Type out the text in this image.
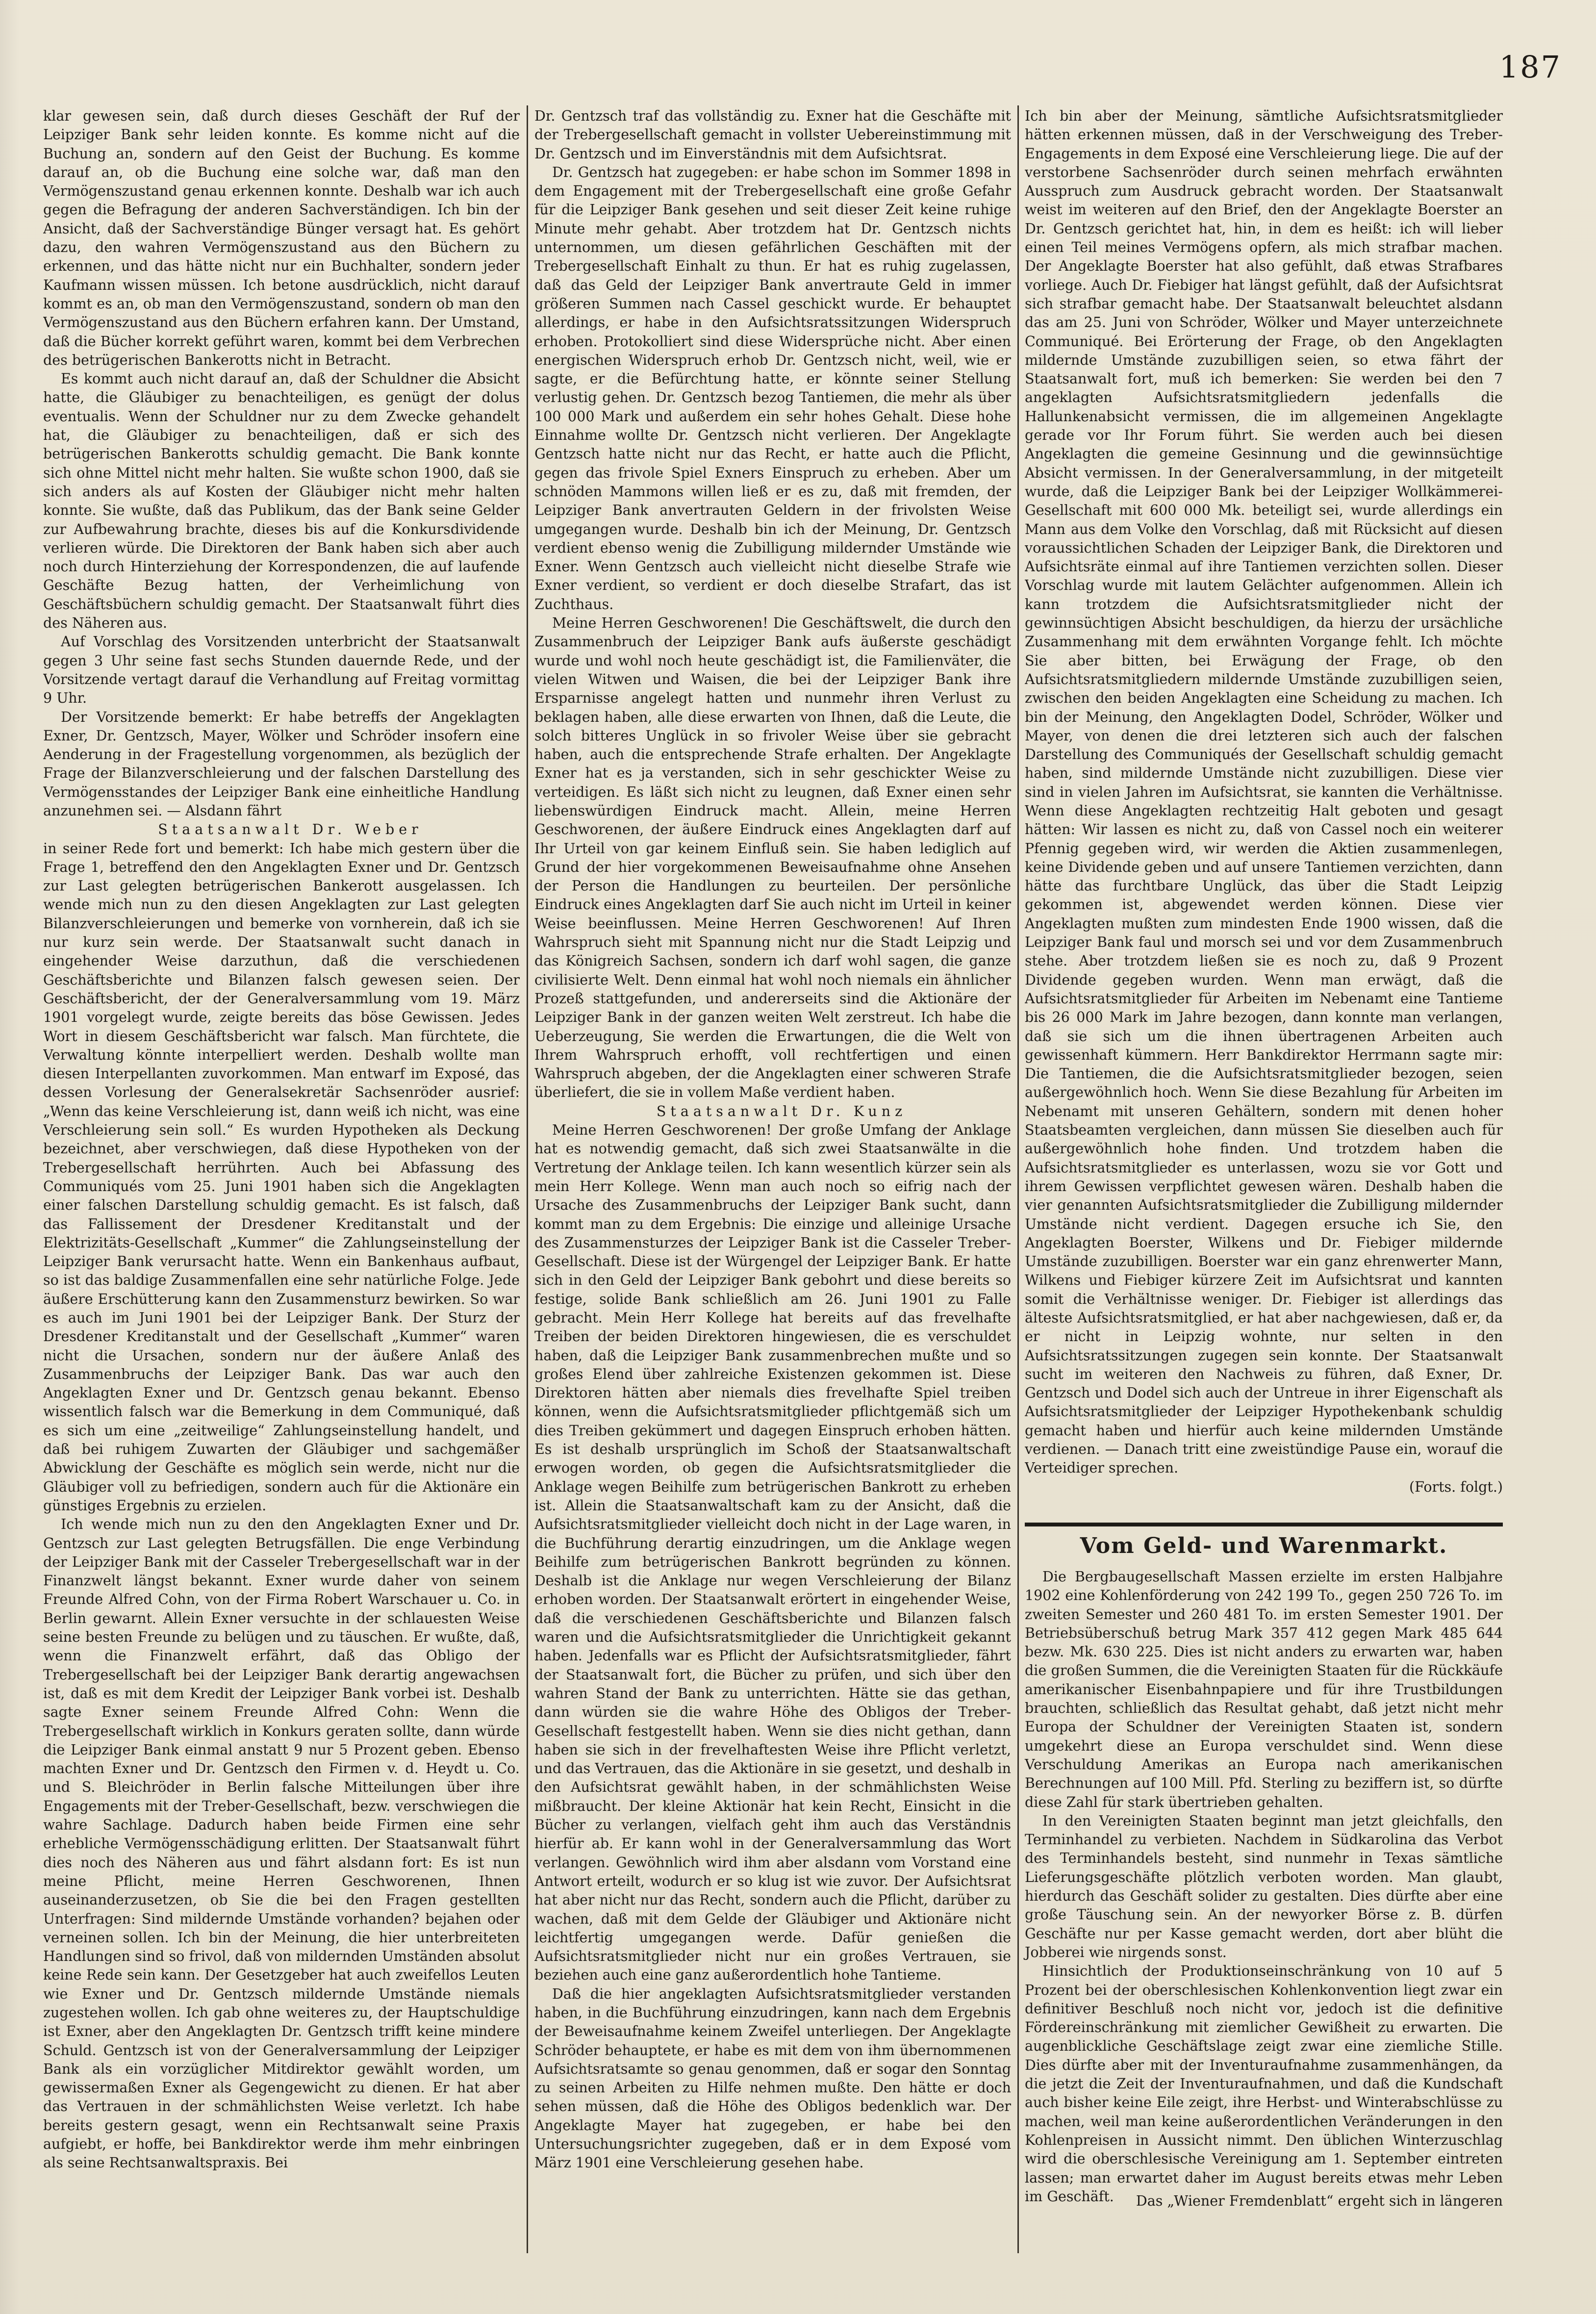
187

klar gewesen sein, daß durch dieses Geschäft der Ruf der Leipziger Bank sehr leiden konnte. Es komme nicht auf die Buchung an, sondern auf den Geist der Buchung. Es komme darauf an, ob die Buchung eine solche war, daß man den Vermögenszustand genau erkennen konnte. Deshalb war ich auch gegen die Befragung der anderen Sachverständigen. Ich bin der Ansicht, daß der Sachverständige Bünger versagt hat. Es gehört dazu, den wahren Vermögenszustand aus den Büchern zu erkennen, und das hätte nicht nur ein Buchhalter, sondern jeder Kaufmann wissen müssen. Ich betone ausdrücklich, nicht darauf kommt es an, ob man den Vermögenszustand, sondern ob man den Vermögenszustand aus den Büchern erfahren kann. Der Umstand, daß die Bücher korrekt geführt waren, kommt bei dem Verbrechen des betrügerischen Bankerotts nicht in Betracht.

Es kommt auch nicht darauf an, daß der Schuldner die Absicht hatte, die Gläubiger zu benachteiligen, es genügt der dolus eventualis. Wenn der Schuldner nur zu dem Zwecke gehandelt hat, die Gläubiger zu benachteiligen, daß er sich des betrügerischen Bankerotts schuldig gemacht. Die Bank konnte sich ohne Mittel nicht mehr halten. Sie wußte schon 1900, daß sie sich anders als auf Kosten der Gläubiger nicht mehr halten konnte. Sie wußte, daß das Publikum, das der Bank seine Gelder zur Aufbewahrung brachte, dieses bis auf die Konkursdividende verlieren würde. Die Direktoren der Bank haben sich aber auch noch durch Hinterziehung der Korrespondenzen, die auf laufende Geschäfte Bezug hatten, der Verheimlichung von Geschäftsbüchern schuldig gemacht. Der Staatsanwalt führt dies des Näheren aus.

Auf Vorschlag des Vorsitzenden unterbricht der Staatsanwalt gegen 3 Uhr seine fast sechs Stunden dauernde Rede, und der Vorsitzende vertagt darauf die Verhandlung auf Freitag vormittag 9 Uhr.

Der Vorsitzende bemerkt: Er habe betreffs der Angeklagten Exner, Dr. Gentzsch, Mayer, Wölker und Schröder insofern eine Aenderung in der Fragestellung vorgenommen, als bezüglich der Frage der Bilanzverschleierung und der falschen Darstellung des Vermögensstandes der Leipziger Bank eine einheitliche Handlung anzunehmen sei. — Alsdann fährt

Staatsanwalt Dr. Weber

in seiner Rede fort und bemerkt: Ich habe mich gestern über die Frage 1, betreffend den den Angeklagten Exner und Dr. Gentzsch zur Last gelegten betrügerischen Bankerott ausgelassen. Ich wende mich nun zu den diesen Angeklagten zur Last gelegten Bilanzverschleierungen und bemerke von vornherein, daß ich sie nur kurz sein werde. Der Staatsanwalt sucht danach in eingehender Weise darzuthun, daß die verschiedenen Geschäftsberichte und Bilanzen falsch gewesen seien. Der Geschäftsbericht, der der Generalversammlung vom 19. März 1901 vorgelegt wurde, zeigte bereits das böse Gewissen. Jedes Wort in diesem Geschäftsbericht war falsch. Man fürchtete, die Verwaltung könnte interpelliert werden. Deshalb wollte man diesen Interpellanten zuvorkommen. Man entwarf im Exposé, das dessen Vorlesung der Generalsekretär Sachsenröder ausrief: „Wenn das keine Verschleierung ist, dann weiß ich nicht, was eine Verschleierung sein soll.“ Es wurden Hypotheken als Deckung bezeichnet, aber verschwiegen, daß diese Hypotheken von der Trebergesellschaft herrührten. Auch bei Abfassung des Communiqués vom 25. Juni 1901 haben sich die Angeklagten einer falschen Darstellung schuldig gemacht. Es ist falsch, daß das Fallissement der Dresdener Kreditanstalt und der Elektrizitäts-Gesellschaft „Kummer“ die Zahlungseinstellung der Leipziger Bank verursacht hatte. Wenn ein Bankenhaus aufbaut, so ist das baldige Zusammenfallen eine sehr natürliche Folge. Jede äußere Erschütterung kann den Zusammensturz bewirken. So war es auch im Juni 1901 bei der Leipziger Bank. Der Sturz der Dresdener Kreditanstalt und der Gesellschaft „Kummer“ waren nicht die Ursachen, sondern nur der äußere Anlaß des Zusammenbruchs der Leipziger Bank. Das war auch den Angeklagten Exner und Dr. Gentzsch genau bekannt. Ebenso wissentlich falsch war die Bemerkung in dem Communiqué, daß es sich um eine „zeitweilige“ Zahlungseinstellung handelt, und daß bei ruhigem Zuwarten der Gläubiger und sachgemäßer Abwicklung der Geschäfte es möglich sein werde, nicht nur die Gläubiger voll zu befriedigen, sondern auch für die Aktionäre ein günstiges Ergebnis zu erzielen.

Ich wende mich nun zu den den Angeklagten Exner und Dr. Gentzsch zur Last gelegten Betrugsfällen. Die enge Verbindung der Leipziger Bank mit der Casseler Trebergesellschaft war in der Finanzwelt längst bekannt. Exner wurde daher von seinem Freunde Alfred Cohn, von der Firma Robert Warschauer u. Co. in Berlin gewarnt. Allein Exner versuchte in der schlauesten Weise seine besten Freunde zu belügen und zu täuschen. Er wußte, daß, wenn die Finanzwelt erfährt, daß das Obligo der Trebergesellschaft bei der Leipziger Bank derartig angewachsen ist, daß es mit dem Kredit der Leipziger Bank vorbei ist. Deshalb sagte Exner seinem Freunde Alfred Cohn: Wenn die Trebergesellschaft wirklich in Konkurs geraten sollte, dann würde die Leipziger Bank einmal anstatt 9 nur 5 Prozent geben. Ebenso machten Exner und Dr. Gentzsch den Firmen v. d. Heydt u. Co. und S. Bleichröder in Berlin falsche Mitteilungen über ihre Engagements mit der Treber-Gesellschaft, bezw. verschwiegen die wahre Sachlage. Dadurch haben beide Firmen eine sehr erhebliche Vermögensschädigung erlitten. Der Staatsanwalt führt dies noch des Näheren aus und fährt alsdann fort: Es ist nun meine Pflicht, meine Herren Geschworenen, Ihnen auseinanderzusetzen, ob Sie die bei den Fragen gestellten Unterfragen: Sind mildernde Umstände vorhanden? bejahen oder verneinen sollen. Ich bin der Meinung, die hier unterbreiteten Handlungen sind so frivol, daß von mildernden Umständen absolut keine Rede sein kann. Der Gesetzgeber hat auch zweifellos Leuten wie Exner und Dr. Gentzsch mildernde Umstände niemals zugestehen wollen. Ich gab ohne weiteres zu, der Hauptschuldige ist Exner, aber den Angeklagten Dr. Gentzsch trifft keine mindere Schuld. Gentzsch ist von der Generalversammlung der Leipziger Bank als ein vorzüglicher Mitdirektor gewählt worden, um gewissermaßen Exner als Gegengewicht zu dienen. Er hat aber das Vertrauen in der schmählichsten Weise verletzt. Ich habe bereits gestern gesagt, wenn ein Rechtsanwalt seine Praxis aufgiebt, er hoffe, bei Bankdirektor werde ihm mehr einbringen als seine Rechtsanwaltspraxis. Bei

Dr. Gentzsch traf das vollständig zu. Exner hat die Geschäfte mit der Trebergesellschaft gemacht in vollster Uebereinstimmung mit Dr. Gentzsch und im Einverständnis mit dem Aufsichtsrat.

Dr. Gentzsch hat zugegeben: er habe schon im Sommer 1898 in dem Engagement mit der Trebergesellschaft eine große Gefahr für die Leipziger Bank gesehen und seit dieser Zeit keine ruhige Minute mehr gehabt. Aber trotzdem hat Dr. Gentzsch nichts unternommen, um diesen gefährlichen Geschäften mit der Trebergesellschaft Einhalt zu thun. Er hat es ruhig zugelassen, daß das Geld der Leipziger Bank anvertraute Geld in immer größeren Summen nach Cassel geschickt wurde. Er behauptet allerdings, er habe in den Aufsichtsratssitzungen Widerspruch erhoben. Protokolliert sind diese Widersprüche nicht. Aber einen energischen Widerspruch erhob Dr. Gentzsch nicht, weil, wie er sagte, er die Befürchtung hatte, er könnte seiner Stellung verlustig gehen. Dr. Gentzsch bezog Tantiemen, die mehr als über 100 000 Mark und außerdem ein sehr hohes Gehalt. Diese hohe Einnahme wollte Dr. Gentzsch nicht verlieren. Der Angeklagte Gentzsch hatte nicht nur das Recht, er hatte auch die Pflicht, gegen das frivole Spiel Exners Einspruch zu erheben. Aber um schnöden Mammons willen ließ er es zu, daß mit fremden, der Leipziger Bank anvertrauten Geldern in der frivolsten Weise umgegangen wurde. Deshalb bin ich der Meinung, Dr. Gentzsch verdient ebenso wenig die Zubilligung mildernder Umstände wie Exner. Wenn Gentzsch auch vielleicht nicht dieselbe Strafe wie Exner verdient, so verdient er doch dieselbe Strafart, das ist Zuchthaus.

Meine Herren Geschworenen! Die Geschäftswelt, die durch den Zusammenbruch der Leipziger Bank aufs äußerste geschädigt wurde und wohl noch heute geschädigt ist, die Familienväter, die vielen Witwen und Waisen, die bei der Leipziger Bank ihre Ersparnisse angelegt hatten und nunmehr ihren Verlust zu beklagen haben, alle diese erwarten von Ihnen, daß die Leute, die solch bitteres Unglück in so frivoler Weise über sie gebracht haben, auch die entsprechende Strafe erhalten. Der Angeklagte Exner hat es ja verstanden, sich in sehr geschickter Weise zu verteidigen. Es läßt sich nicht zu leugnen, daß Exner einen sehr liebenswürdigen Eindruck macht. Allein, meine Herren Geschworenen, der äußere Eindruck eines Angeklagten darf auf Ihr Urteil von gar keinem Einfluß sein. Sie haben lediglich auf Grund der hier vorgekommenen Beweisaufnahme ohne Ansehen der Person die Handlungen zu beurteilen. Der persönliche Eindruck eines Angeklagten darf Sie auch nicht im Urteil in keiner Weise beeinflussen. Meine Herren Geschworenen! Auf Ihren Wahrspruch sieht mit Spannung nicht nur die Stadt Leipzig und das Königreich Sachsen, sondern ich darf wohl sagen, die ganze civilisierte Welt. Denn einmal hat wohl noch niemals ein ähnlicher Prozeß stattgefunden, und andererseits sind die Aktionäre der Leipziger Bank in der ganzen weiten Welt zerstreut. Ich habe die Ueberzeugung, Sie werden die Erwartungen, die die Welt von Ihrem Wahrspruch erhofft, voll rechtfertigen und einen Wahrspruch abgeben, der die Angeklagten einer schweren Strafe überliefert, die sie in vollem Maße verdient haben.

Staatsanwalt Dr. Kunz

Meine Herren Geschworenen! Der große Umfang der Anklage hat es notwendig gemacht, daß sich zwei Staatsanwälte in die Vertretung der Anklage teilen. Ich kann wesentlich kürzer sein als mein Herr Kollege. Wenn man auch noch so eifrig nach der Ursache des Zusammenbruchs der Leipziger Bank sucht, dann kommt man zu dem Ergebnis: Die einzige und alleinige Ursache des Zusammensturzes der Leipziger Bank ist die Casseler Treber-Gesellschaft. Diese ist der Würgengel der Leipziger Bank. Er hatte sich in den Geld der Leipziger Bank gebohrt und diese bereits so festige, solide Bank schließlich am 26. Juni 1901 zu Falle gebracht. Mein Herr Kollege hat bereits auf das frevelhafte Treiben der beiden Direktoren hingewiesen, die es verschuldet haben, daß die Leipziger Bank zusammenbrechen mußte und so großes Elend über zahlreiche Existenzen gekommen ist. Diese Direktoren hätten aber niemals dies frevelhafte Spiel treiben können, wenn die Aufsichtsratsmitglieder pflichtgemäß sich um dies Treiben gekümmert und dagegen Einspruch erhoben hätten. Es ist deshalb ursprünglich im Schoß der Staatsanwaltschaft erwogen worden, ob gegen die Aufsichtsratsmitglieder die Anklage wegen Beihilfe zum betrügerischen Bankrott zu erheben ist. Allein die Staatsanwaltschaft kam zu der Ansicht, daß die Aufsichtsratsmitglieder vielleicht doch nicht in der Lage waren, in die Buchführung derartig einzudringen, um die Anklage wegen Beihilfe zum betrügerischen Bankrott begründen zu können. Deshalb ist die Anklage nur wegen Verschleierung der Bilanz erhoben worden. Der Staatsanwalt erörtert in eingehender Weise, daß die verschiedenen Geschäftsberichte und Bilanzen falsch waren und die Aufsichtsratsmitglieder die Unrichtigkeit gekannt haben. Jedenfalls war es Pflicht der Aufsichtsratsmitglieder, fährt der Staatsanwalt fort, die Bücher zu prüfen, und sich über den wahren Stand der Bank zu unterrichten. Hätte sie das gethan, dann würden sie die wahre Höhe des Obligos der Treber-Gesellschaft festgestellt haben. Wenn sie dies nicht gethan, dann haben sie sich in der frevelhaftesten Weise ihre Pflicht verletzt, und das Vertrauen, das die Aktionäre in sie gesetzt, und deshalb in den Aufsichtsrat gewählt haben, in der schmählichsten Weise mißbraucht. Der kleine Aktionär hat kein Recht, Einsicht in die Bücher zu verlangen, vielfach geht ihm auch das Verständnis hierfür ab. Er kann wohl in der Generalversammlung das Wort verlangen. Gewöhnlich wird ihm aber alsdann vom Vorstand eine Antwort erteilt, wodurch er so klug ist wie zuvor. Der Aufsichtsrat hat aber nicht nur das Recht, sondern auch die Pflicht, darüber zu wachen, daß mit dem Gelde der Gläubiger und Aktionäre nicht leichtfertig umgegangen werde. Dafür genießen die Aufsichtsratsmitglieder nicht nur ein großes Vertrauen, sie beziehen auch eine ganz außerordentlich hohe Tantieme.

Daß die hier angeklagten Aufsichtsratsmitglieder verstanden haben, in die Buchführung einzudringen, kann nach dem Ergebnis der Beweisaufnahme keinem Zweifel unterliegen. Der Angeklagte Schröder behauptete, er habe es mit dem von ihm übernommenen Aufsichtsratsamte so genau genommen, daß er sogar den Sonntag zu seinen Arbeiten zu Hilfe nehmen mußte. Den hätte er doch sehen müssen, daß die Höhe des Obligos bedenklich war. Der Angeklagte Mayer hat zugegeben, er habe bei den Untersuchungsrichter zugegeben, daß er in dem Exposé vom März 1901 eine Verschleierung gesehen habe.

Ich bin aber der Meinung, sämtliche Aufsichtsratsmitglieder hätten erkennen müssen, daß in der Verschweigung des Treber-Engagements in dem Exposé eine Verschleierung liege. Die auf der verstorbene Sachsenröder durch seinen mehrfach erwähnten Ausspruch zum Ausdruck gebracht worden. Der Staatsanwalt weist im weiteren auf den Brief, den der Angeklagte Boerster an Dr. Gentzsch gerichtet hat, hin, in dem es heißt: ich will lieber einen Teil meines Vermögens opfern, als mich strafbar machen. Der Angeklagte Boerster hat also gefühlt, daß etwas Strafbares vorliege. Auch Dr. Fiebiger hat längst gefühlt, daß der Aufsichtsrat sich strafbar gemacht habe. Der Staatsanwalt beleuchtet alsdann das am 25. Juni von Schröder, Wölker und Mayer unterzeichnete Communiqué. Bei Erörterung der Frage, ob den Angeklagten mildernde Umstände zuzubilligen seien, so etwa fährt der Staatsanwalt fort, muß ich bemerken: Sie werden bei den 7 angeklagten Aufsichtsratsmitgliedern jedenfalls die Hallunkenabsicht vermissen, die im allgemeinen Angeklagte gerade vor Ihr Forum führt. Sie werden auch bei diesen Angeklagten die gemeine Gesinnung und die gewinnsüchtige Absicht vermissen. In der Generalversammlung, in der mitgeteilt wurde, daß die Leipziger Bank bei der Leipziger Wollkämmerei-Gesellschaft mit 600 000 Mk. beteiligt sei, wurde allerdings ein Mann aus dem Volke den Vorschlag, daß mit Rücksicht auf diesen voraussichtlichen Schaden der Leipziger Bank, die Direktoren und Aufsichtsräte einmal auf ihre Tantiemen verzichten sollen. Dieser Vorschlag wurde mit lautem Gelächter aufgenommen. Allein ich kann trotzdem die Aufsichtsratsmitglieder nicht der gewinnsüchtigen Absicht beschuldigen, da hierzu der ursächliche Zusammenhang mit dem erwähnten Vorgange fehlt. Ich möchte Sie aber bitten, bei Erwägung der Frage, ob den Aufsichtsratsmitgliedern mildernde Umstände zuzubilligen seien, zwischen den beiden Angeklagten eine Scheidung zu machen. Ich bin der Meinung, den Angeklagten Dodel, Schröder, Wölker und Mayer, von denen die drei letzteren sich auch der falschen Darstellung des Communiqués der Gesellschaft schuldig gemacht haben, sind mildernde Umstände nicht zuzubilligen. Diese vier sind in vielen Jahren im Aufsichtsrat, sie kannten die Verhältnisse. Wenn diese Angeklagten rechtzeitig Halt geboten und gesagt hätten: Wir lassen es nicht zu, daß von Cassel noch ein weiterer Pfennig gegeben wird, wir werden die Aktien zusammenlegen, keine Dividende geben und auf unsere Tantiemen verzichten, dann hätte das furchtbare Unglück, das über die Stadt Leipzig gekommen ist, abgewendet werden können. Diese vier Angeklagten mußten zum mindesten Ende 1900 wissen, daß die Leipziger Bank faul und morsch sei und vor dem Zusammenbruch stehe. Aber trotzdem ließen sie es noch zu, daß 9 Prozent Dividende gegeben wurden. Wenn man erwägt, daß die Aufsichtsratsmitglieder für Arbeiten im Nebenamt eine Tantieme bis 26 000 Mark im Jahre bezogen, dann konnte man verlangen, daß sie sich um die ihnen übertragenen Arbeiten auch gewissenhaft kümmern. Herr Bankdirektor Herrmann sagte mir: Die Tantiemen, die die Aufsichtsratsmitglieder bezogen, seien außergewöhnlich hoch. Wenn Sie diese Bezahlung für Arbeiten im Nebenamt mit unseren Gehältern, sondern mit denen hoher Staatsbeamten vergleichen, dann müssen Sie dieselben auch für außergewöhnlich hohe finden. Und trotzdem haben die Aufsichtsratsmitglieder es unterlassen, wozu sie vor Gott und ihrem Gewissen verpflichtet gewesen wären. Deshalb haben die vier genannten Aufsichtsratsmitglieder die Zubilligung mildernder Umstände nicht verdient. Dagegen ersuche ich Sie, den Angeklagten Boerster, Wilkens und Dr. Fiebiger mildernde Umstände zuzubilligen. Boerster war ein ganz ehrenwerter Mann, Wilkens und Fiebiger kürzere Zeit im Aufsichtsrat und kannten somit die Verhältnisse weniger. Dr. Fiebiger ist allerdings das älteste Aufsichtsratsmitglied, er hat aber nachgewiesen, daß er, da er nicht in Leipzig wohnte, nur selten in den Aufsichtsratssitzungen zugegen sein konnte. Der Staatsanwalt sucht im weiteren den Nachweis zu führen, daß Exner, Dr. Gentzsch und Dodel sich auch der Untreue in ihrer Eigenschaft als Aufsichtsratsmitglieder der Leipziger Hypothekenbank schuldig gemacht haben und hierfür auch keine mildernden Umstände verdienen. — Danach tritt eine zweistündige Pause ein, worauf die Verteidiger sprechen.

(Forts. folgt.)

Vom Geld- und Warenmarkt.

Die Bergbaugesellschaft Massen erzielte im ersten Halbjahre 1902 eine Kohlenförderung von 242 199 To., gegen 250 726 To. im zweiten Semester und 260 481 To. im ersten Semester 1901. Der Betriebsüberschuß betrug Mark 357 412 gegen Mark 485 644 bezw. Mk. 630 225. Dies ist nicht anders zu erwarten war, haben die großen Summen, die die Vereinigten Staaten für die Rückkäufe amerikanischer Eisenbahnpapiere und für ihre Trustbildungen brauchten, schließlich das Resultat gehabt, daß jetzt nicht mehr Europa der Schuldner der Vereinigten Staaten ist, sondern umgekehrt diese an Europa verschuldet sind. Wenn diese Verschuldung Amerikas an Europa nach amerikanischen Berechnungen auf 100 Mill. Pfd. Sterling zu beziffern ist, so dürfte diese Zahl für stark übertrieben gehalten.

In den Vereinigten Staaten beginnt man jetzt gleichfalls, den Terminhandel zu verbieten. Nachdem in Südkarolina das Verbot des Terminhandels besteht, sind nunmehr in Texas sämtliche Lieferungsgeschäfte plötzlich verboten worden. Man glaubt, hierdurch das Geschäft solider zu gestalten. Dies dürfte aber eine große Täuschung sein. An der newyorker Börse z. B. dürfen Geschäfte nur per Kasse gemacht werden, dort aber blüht die Jobberei wie nirgends sonst.

Hinsichtlich der Produktionseinschränkung von 10 auf 5 Prozent bei der oberschlesischen Kohlenkonvention liegt zwar ein definitiver Beschluß noch nicht vor, jedoch ist die definitive Fördereinschränkung mit ziemlicher Gewißheit zu erwarten. Die augenblickliche Geschäftslage zeigt zwar eine ziemliche Stille. Dies dürfte aber mit der Inventuraufnahme zusammenhängen, da die jetzt die Zeit der Inventuraufnahmen, und daß die Kundschaft auch bisher keine Eile zeigt, ihre Herbst- und Winterabschlüsse zu machen, weil man keine außerordentlichen Veränderungen in den Kohlenpreisen in Aussicht nimmt. Den üblichen Winterzuschlag wird die oberschlesische Vereinigung am 1. September eintreten lassen; man erwartet daher im August bereits etwas mehr Leben im Geschäft.	Das „Wiener Fremdenblatt“ ergeht sich in längeren
